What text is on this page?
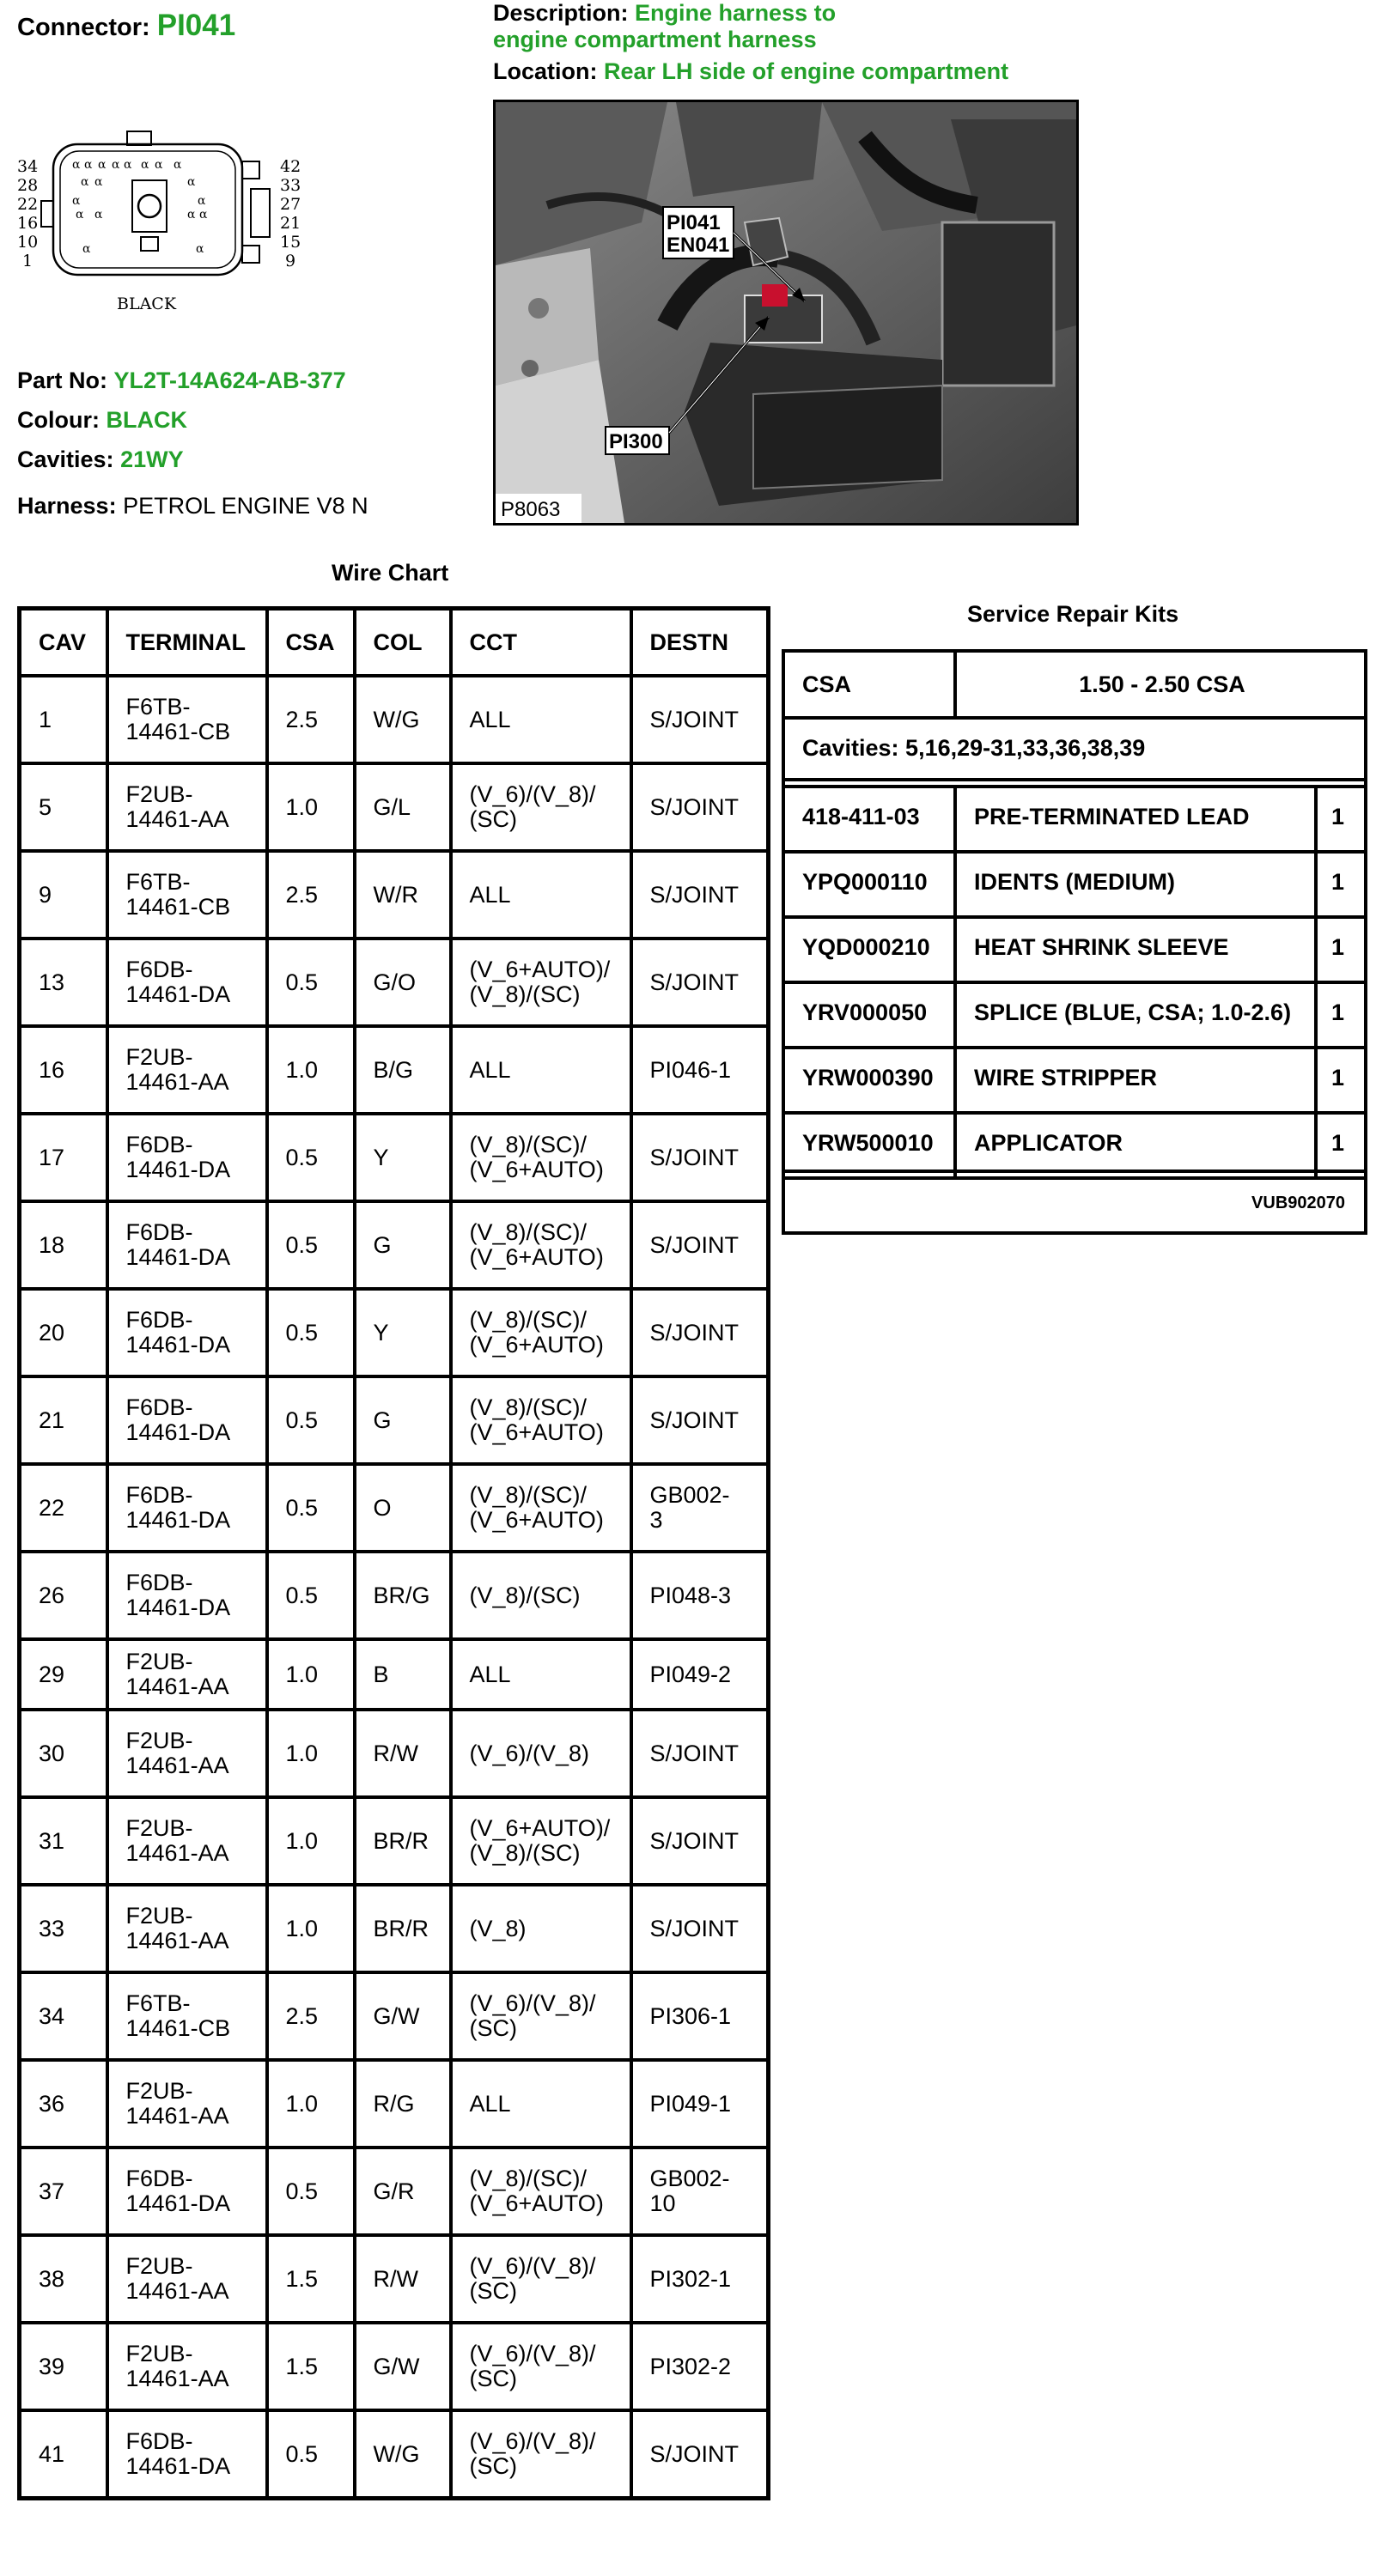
Connector: PI041
34
28
22
16
10
1
42
33
27
21
15
9
α α α α α α α α
α α	α
α α	α α
α	α
α	α
BLACK
Part No: YL2T-14A624-AB-377
Colour: BLACK
Cavities: 21WY
Harness: PETROL ENGINE V8 N
Description: Engine harness to
engine compartment harness
Location: Rear LH side of engine compartment
PI041
EN041
PI300
P8063
Wire Chart
CAV	TERMINAL	CSA	COL	CCT	DESTN
1	F6TB-
14461-CB	2.5	W/G	ALL	S/JOINT
5	F2UB-
14461-AA	1.0	G/L	(V_6)/(V_8)/
(SC)	S/JOINT
9	F6TB-
14461-CB	2.5	W/R	ALL	S/JOINT
13	F6DB-
14461-DA	0.5	G/O	(V_6+AUTO)/
(V_8)/(SC)	S/JOINT
16	F2UB-
14461-AA	1.0	B/G	ALL	PI046-1
17	F6DB-
14461-DA	0.5	Y	(V_8)/(SC)/
(V_6+AUTO)	S/JOINT
18	F6DB-
14461-DA	0.5	G	(V_8)/(SC)/
(V_6+AUTO)	S/JOINT
20	F6DB-
14461-DA	0.5	Y	(V_8)/(SC)/
(V_6+AUTO)	S/JOINT
21	F6DB-
14461-DA	0.5	G	(V_8)/(SC)/
(V_6+AUTO)	S/JOINT
22	F6DB-
14461-DA	0.5	O	(V_8)/(SC)/
(V_6+AUTO)	GB002-
3
26	F6DB-
14461-DA	0.5	BR/G	(V_8)/(SC)	PI048-3
29	F2UB-
14461-AA	1.0	B	ALL	PI049-2
30	F2UB-
14461-AA	1.0	R/W	(V_6)/(V_8)	S/JOINT
31	F2UB-
14461-AA	1.0	BR/R	(V_6+AUTO)/
(V_8)/(SC)	S/JOINT
33	F2UB-
14461-AA	1.0	BR/R	(V_8)	S/JOINT
34	F6TB-
14461-CB	2.5	G/W	(V_6)/(V_8)/
(SC)	PI306-1
36	F2UB-
14461-AA	1.0	R/G	ALL	PI049-1
37	F6DB-
14461-DA	0.5	G/R	(V_8)/(SC)/
(V_6+AUTO)	GB002-
10
38	F2UB-
14461-AA	1.5	R/W	(V_6)/(V_8)/
(SC)	PI302-1
39	F2UB-
14461-AA	1.5	G/W	(V_6)/(V_8)/
(SC)	PI302-2
41	F6DB-
14461-DA	0.5	W/G	(V_6)/(V_8)/
(SC)	S/JOINT
Service Repair Kits
CSA	1.50 - 2.50 CSA
Cavities: 5,16,29-31,33,36,38,39
418-411-03 PRE-TERMINATED LEAD	1
YPQ000110 IDENTS (MEDIUM)	1
YQD000210 HEAT SHRINK SLEEVE	1
YRV000050 SPLICE (BLUE, CSA; 1.0-2.6) 1
YRW000390 WIRE STRIPPER	1
YRW500010 APPLICATOR	1
VUB902070
